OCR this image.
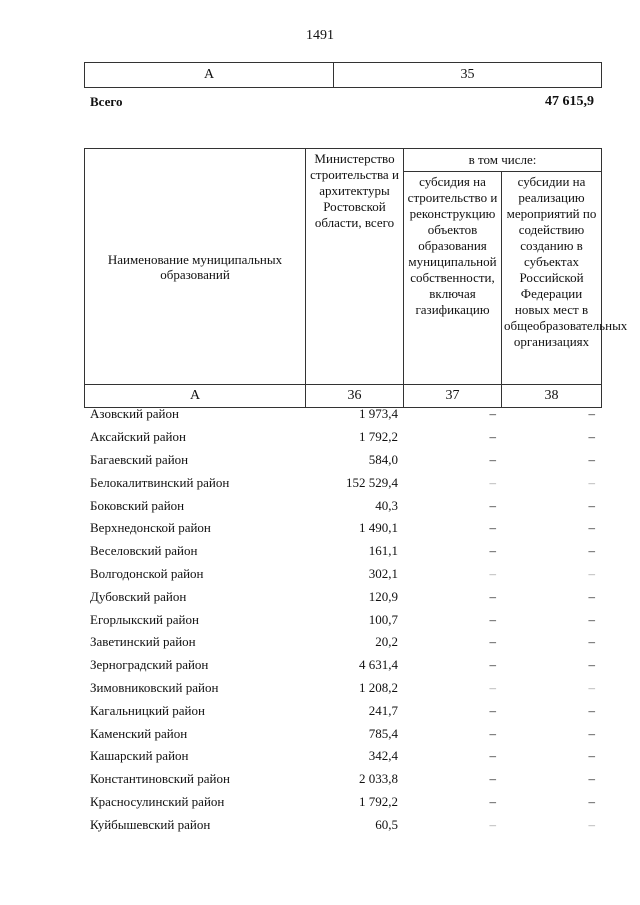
1491
А	35
Всего	47 615,9
Наименование муниципальных образований	Министерство строительства и архитектуры Ростовской области, всего	в том числе:	
		субсидия на строительство и реконструкцию объектов образования муниципальной собственности, включая газификацию	субсидии на реализацию мероприятий по содействию созданию в субъектах Российской Федерации новых мест в общеобразовательных организациях
А	36	37	38
Азовский район	1 973,4	–	–
Аксайский район	1 792,2	–	–
Багаевский район	584,0	–	–
Белокалитвинский район	152 529,4	–	–
Боковский район	40,3	–	–
Верхнедонской район	1 490,1	–	–
Веселовский район	161,1	–	–
Волгодонской район	302,1	–	–
Дубовский район	120,9	–	–
Егорлыкский район	100,7	–	–
Заветинский район	20,2	–	–
Зерноградский район	4 631,4	–	–
Зимовниковский район	1 208,2	–	–
Кагальницкий район	241,7	–	–
Каменский район	785,4	–	–
Кашарский район	342,4	–	–
Константиновский район	2 033,8	–	–
Красносулинский район	1 792,2	–	–
Куйбышевский район	60,5	–	–
